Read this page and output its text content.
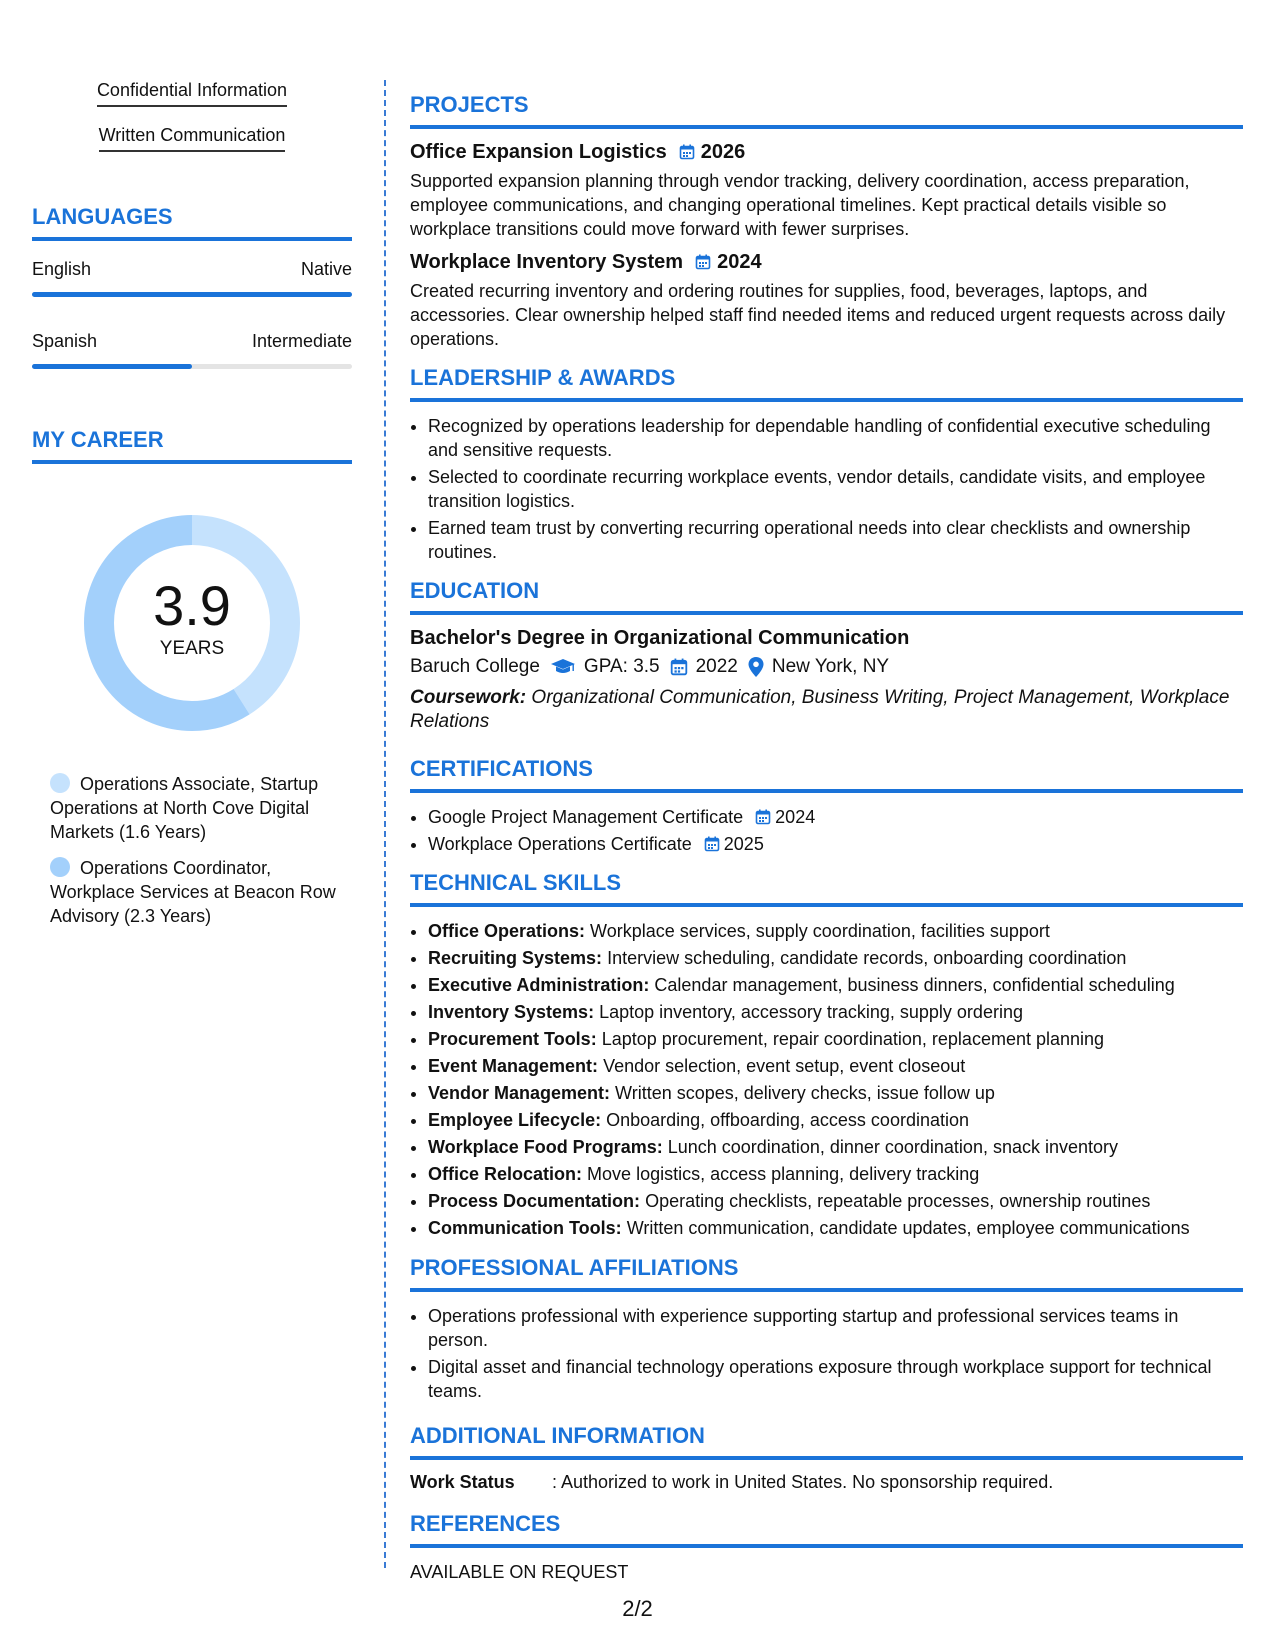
Confidential Information
Written Communication
LANGUAGES
English	Native
Spanish	Intermediate
MY CAREER
3.9
YEARS
Operations Associate, Startup Operations at North Cove Digital Markets (1.6 Years)
Operations Coordinator, Workplace Services at Beacon Row Advisory (2.3 Years)
PROJECTS
Office Expansion Logistics 2026
Supported expansion planning through vendor tracking, delivery coordination, access preparation, employee communications, and changing operational timelines. Kept practical details visible so workplace transitions could move forward with fewer surprises.
Workplace Inventory System 2024
Created recurring inventory and ordering routines for supplies, food, beverages, laptops, and accessories. Clear ownership helped staff find needed items and reduced urgent requests across daily operations.
LEADERSHIP & AWARDS
• Recognized by operations leadership for dependable handling of confidential executive scheduling and sensitive requests.
• Selected to coordinate recurring workplace events, vendor details, candidate visits, and employee transition logistics.
• Earned team trust by converting recurring operational needs into clear checklists and ownership routines.
EDUCATION
Bachelor's Degree in Organizational Communication
Baruch College GPA: 3.5 2022 New York, NY
Coursework: Organizational Communication, Business Writing, Project Management, Workplace Relations
CERTIFICATIONS
• Google Project Management Certificate 2024
• Workplace Operations Certificate 2025
TECHNICAL SKILLS
• Office Operations: Workplace services, supply coordination, facilities support
• Recruiting Systems: Interview scheduling, candidate records, onboarding coordination
• Executive Administration: Calendar management, business dinners, confidential scheduling
• Inventory Systems: Laptop inventory, accessory tracking, supply ordering
• Procurement Tools: Laptop procurement, repair coordination, replacement planning
• Event Management: Vendor selection, event setup, event closeout
• Vendor Management: Written scopes, delivery checks, issue follow up
• Employee Lifecycle: Onboarding, offboarding, access coordination
• Workplace Food Programs: Lunch coordination, dinner coordination, snack inventory
• Office Relocation: Move logistics, access planning, delivery tracking
• Process Documentation: Operating checklists, repeatable processes, ownership routines
• Communication Tools: Written communication, candidate updates, employee communications
PROFESSIONAL AFFILIATIONS
• Operations professional with experience supporting startup and professional services teams in person.
• Digital asset and financial technology operations exposure through workplace support for technical teams.
ADDITIONAL INFORMATION
Work Status	: Authorized to work in United States. No sponsorship required.
REFERENCES
AVAILABLE ON REQUEST
2/2
